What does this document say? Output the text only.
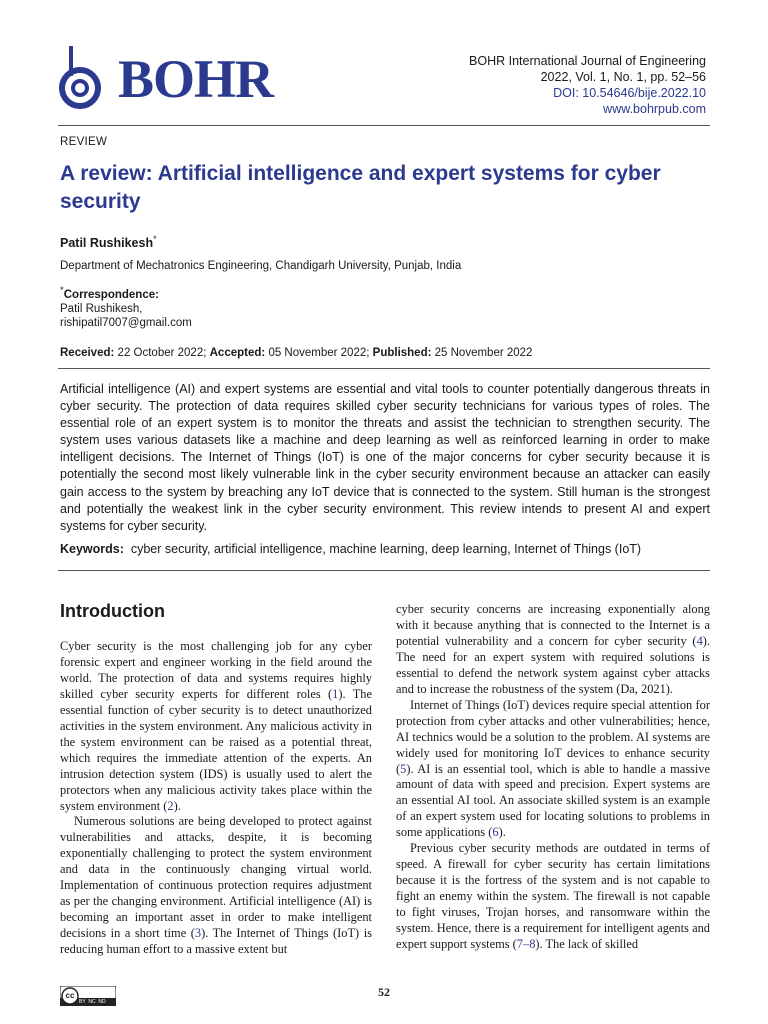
BOHR	BOHR International Journal of Engineering
2022, Vol. 1, No. 1, pp. 52–56
DOI: 10.54646/bije.2022.10
www.bohrpub.com
REVIEW
A review: Artificial intelligence and expert systems for cyber security
Patil Rushikesh*
Department of Mechatronics Engineering, Chandigarh University, Punjab, India
*Correspondence:
Patil Rushikesh,
rishipatil7007@gmail.com
Received: 22 October 2022; Accepted: 05 November 2022; Published: 25 November 2022
Artificial intelligence (AI) and expert systems are essential and vital tools to counter potentially dangerous threats in cyber security. The protection of data requires skilled cyber security technicians for various types of roles. The essential role of an expert system is to monitor the threats and assist the technician to strengthen security. The system uses various datasets like a machine and deep learning as well as reinforced learning in order to make intelligent decisions. The Internet of Things (IoT) is one of the major concerns for cyber security because it is potentially the second most likely vulnerable link in the cyber security environment because an attacker can easily gain access to the system by breaching any IoT device that is connected to the system. Still human is the strongest and potentially the weakest link in the cyber security environment. This review intends to present AI and expert systems for cyber security.
Keywords: cyber security, artificial intelligence, machine learning, deep learning, Internet of Things (IoT)
Introduction

Cyber security is the most challenging job for any cyber forensic expert and engineer working in the field around the world. The protection of data and systems requires highly skilled cyber security experts for different roles (1). The essential function of cyber security is to detect unauthorized activities in the system environment. Any malicious activity in the system environment can be raised as a potential threat, which requires the immediate attention of the experts. An intrusion detection system (IDS) is usually used to alert the protectors when any malicious activity takes place within the system environment (2).

Numerous solutions are being developed to protect against vulnerabilities and attacks, despite, it is becoming exponentially challenging to protect the system environment and data in the continuously changing virtual world. Implementation of continuous protection requires adjustment as per the changing environment. Artificial intelligence (AI) is becoming an important asset in order to make intelligent decisions in a short time (3). The Internet of Things (IoT) is reducing human effort to a massive extent but

cyber security concerns are increasing exponentially along with it because anything that is connected to the Internet is a potential vulnerability and a concern for cyber security (4). The need for an expert system with required solutions is essential to defend the network system against cyber attacks and to increase the robustness of the system (Da, 2021).

Internet of Things (IoT) devices require special attention for protection from cyber attacks and other vulnerabilities; hence, AI technics would be a solution to the problem. AI systems are widely used for monitoring IoT devices to enhance security (5). AI is an essential tool, which is able to handle a massive amount of data with speed and precision. Expert systems are an essential AI tool. An associate skilled system is an example of an expert system used for locating solutions to problems in some applications (6).

Previous cyber security methods are outdated in terms of speed. A firewall for cyber security has certain limitations because it is the fortress of the system and is not capable to fight an enemy within the system. The firewall is not capable to fight viruses, Trojan horses, and ransomware within the system. Hence, there is a requirement for intelligent agents and expert support systems (7–8). The lack of skilled

cc
BY  NC  ND
52
